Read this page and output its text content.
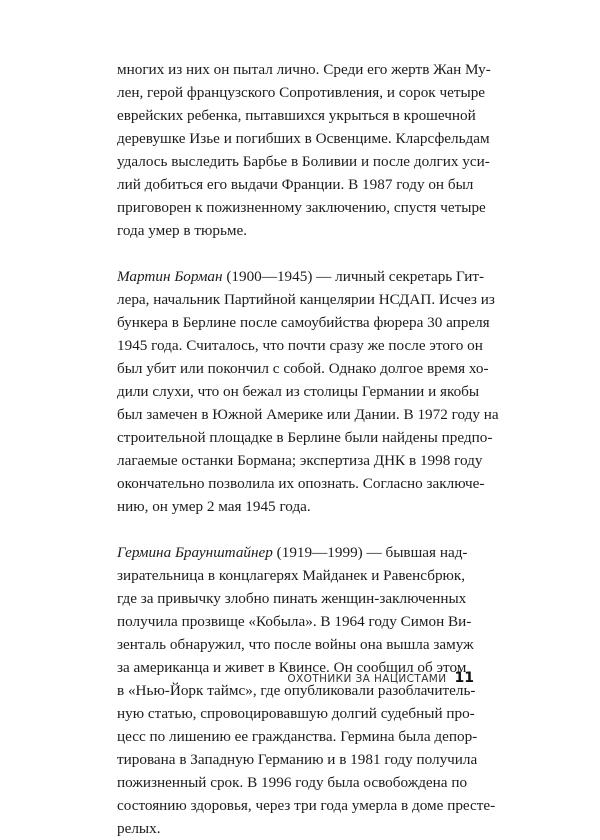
многих из них он пытал лично. Среди его жертв Жан Му-
лен, герой французского Сопротивления, и сорок четыре
еврейских ребенка, пытавшихся укрыться в крошечной
деревушке Изье и погибших в Освенциме. Кларсфельдам
удалось выследить Барбье в Боливии и после долгих уси-
лий добиться его выдачи Франции. В 1987 году он был
приговорен к пожизненному заключению, спустя четыре
года умер в тюрьме.
Мартин Борман (1900—1945) — личный секретарь Гит-
лера, начальник Партийной канцелярии НСДАП. Исчез из
бункера в Берлине после самоубийства фюрера 30 апреля
1945 года. Считалось, что почти сразу же после этого он
был убит или покончил с собой. Однако долгое время хо-
дили слухи, что он бежал из столицы Германии и якобы
был замечен в Южной Америке или Дании. В 1972 году на
строительной площадке в Берлине были найдены предпо-
лагаемые останки Бормана; экспертиза ДНК в 1998 году
окончательно позволила их опознать. Согласно заключе-
нию, он умер 2 мая 1945 года.
Гермина Браунштайнер (1919—1999) — бывшая над-
зирательница в концлагерях Майданек и Равенсбрюк,
где за привычку злобно пинать женщин-заключенных
получила прозвище «Кобыла». В 1964 году Симон Ви-
зенталь обнаружил, что после войны она вышла замуж
за американца и живет в Квинсе. Он сообщил об этом
в «Нью-Йорк таймс», где опубликовали разоблачитель-
ную статью, спровоцировавшую долгий судебный про-
цесс по лишению ее гражданства. Гермина была депор-
тирована в Западную Германию и в 1981 году получила
пожизненный срок. В 1996 году была освобождена по
состоянию здоровья, через три года умерла в доме престе-
релых.
ОХОТНИКИ ЗА НАЦИСТАМИ 11
